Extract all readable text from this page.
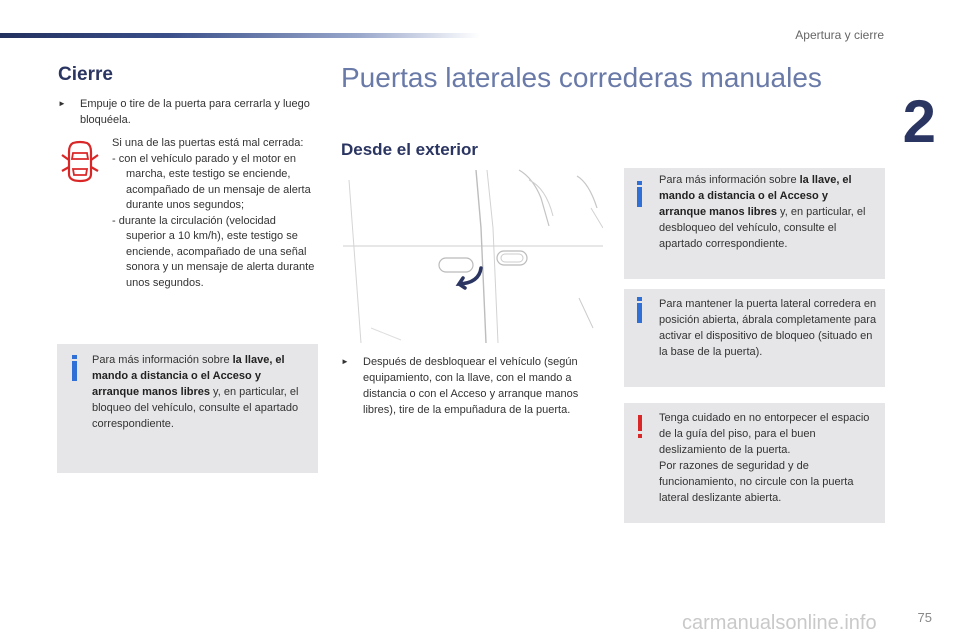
Apertura y cierre
2
Cierre
►	Empuje o tire de la puerta para cerrarla y luego bloquéela.
Si una de las puertas está mal cerrada:
- con el vehículo parado y el motor en marcha, este testigo se enciende, acompañado de un mensaje de alerta durante unos segundos;
- durante la circulación (velocidad superior a 10 km/h), este testigo se enciende, acompañado de una señal sonora y un mensaje de alerta durante unos segundos.
Para más información sobre la llave, el mando a distancia o el Acceso y arranque manos libres y, en particular, el bloqueo del vehículo, consulte el apartado correspondiente.
Puertas laterales correderas manuales
Desde el exterior
►	Después de desbloquear el vehículo (según equipamiento, con la llave, con el mando a distancia o con el Acceso y arranque manos libres), tire de la empuñadura de la puerta.
Para más información sobre la llave, el mando a distancia o el Acceso y arranque manos libres y, en particular, el desbloqueo del vehículo, consulte el apartado correspondiente.
Para mantener la puerta lateral corredera en posición abierta, ábrala completamente para activar el dispositivo de bloqueo (situado en la base de la puerta).
Tenga cuidado en no entorpecer el espacio de la guía del piso, para el buen deslizamiento de la puerta.
Por razones de seguridad y de funcionamiento, no circule con la puerta lateral deslizante abierta.
carmanualsonline.info	75
